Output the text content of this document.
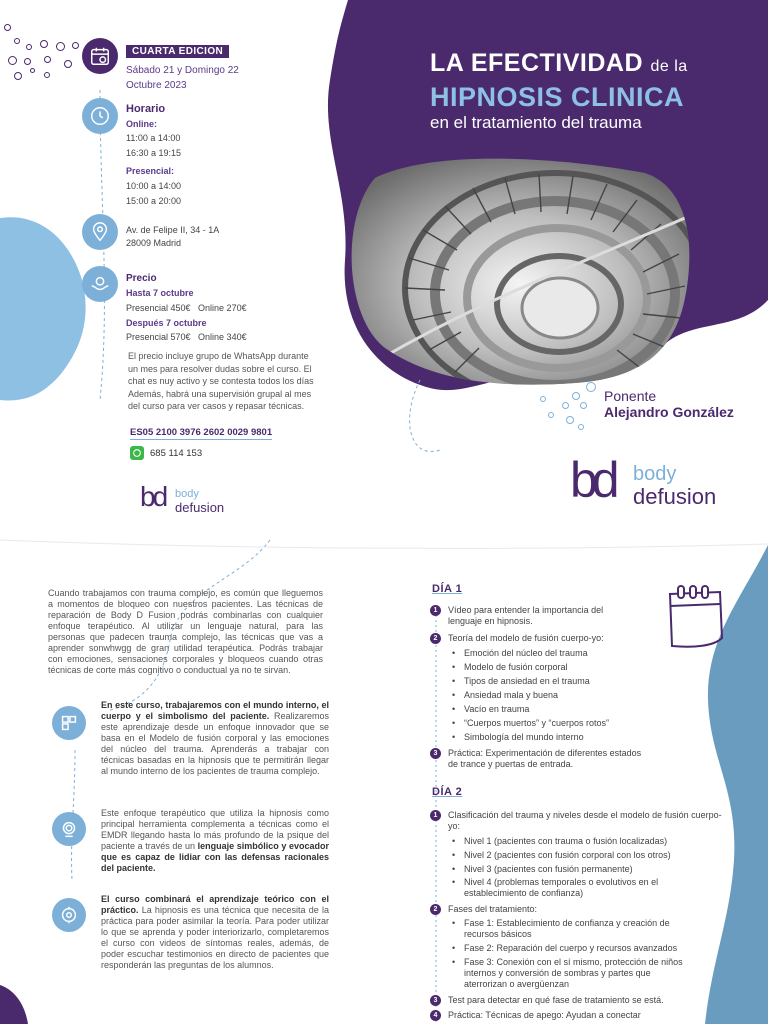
LA EFECTIVIDAD de la
HIPNOSIS CLINICA
en el tratamiento del trauma
Ponente
Alejandro González
bd body
defusion
CUARTA EDICION
Sábado 21 y Domingo 22
Octubre 2023
Horario
Online:
11:00 a 14:00
16:30 a 19:15
Presencial:
10:00 a 14:00
15:00 a 20:00
Av. de Felipe II, 34 - 1A
28009 Madrid
Precio
Hasta 7 octubre
Presencial 450€   Online 270€
Después 7 octubre
Presencial 570€   Online 340€
El precio incluye grupo de WhatsApp durante
un mes para resolver dudas sobre el curso. El
chat es nuy activo y se contesta todos los días
Además, habrá una supervisión grupal al mes
del curso para ver casos y repasar técnicas.
ES05 2100 3976 2602 0029 9801
685 114 153
bd body
defusion
Cuando trabajamos con trauma complejo, es común que lleguemos a momentos de bloqueo con nuestros pacientes. Las técnicas de reparación de Body D Fusion podrás combinarlas con cualquier enfoque terapéutico. Al utilizar un lenguaje natural, para las personas que padecen trauma complejo, las técnicas que vas a aprender sonwhwgg de gran utilidad terapéutica. Podrás trabajar con emociones, sensaciones corporales y bloqueos cuando otras técnicas de corte más cognitivo o conductual ya no te sirvan.
En este curso, trabajaremos con el mundo interno, el cuerpo y el simbolismo del paciente. Realizaremos este aprendizaje desde un enfoque innovador que se basa en el Modelo de fusión corporal y las emociones del núcleo del trauma. Aprenderás a trabajar con técnicas basadas en la hipnosis que te permitirán llegar al mundo interno de los pacientes de trauma complejo.
Este enfoque terapéutico que utiliza la hipnosis como principal herramienta complementa a técnicas como el EMDR llegando hasta lo más profundo de la psique del paciente a través de un lenguaje simbólico y evocador que es capaz de lidiar con las defensas racionales del paciente.
El curso combinará el aprendizaje teórico con el práctico. La hipnosis es una técnica que necesita de la práctica para poder asimilar la teoría. Para poder utilizar lo que se aprenda y poder interiorizarlo, completaremos el curso con videos de síntomas reales, además, de poder escuchar testimonios en directo de pacientes que responderán las preguntas de los alumnos.
DÍA 1
1	Vídeo para entender la importancia del lenguaje en hipnosis.
2	Teoría del modelo de fusión cuerpo-yo:
• Emoción del núcleo del trauma
• Modelo de fusión corporal
• Tipos de ansiedad en el trauma
• Ansiedad mala y buena
• Vacío en trauma
• “Cuerpos muertos” y “cuerpos rotos”
• Simbología del mundo interno
3	Práctica: Experimentación de diferentes estados de trance y puertas de entrada.
DÍA 2
1	Clasificación del trauma y niveles desde el modelo de fusión cuerpo-yo:
• Nivel 1 (pacientes con trauma o fusión localizadas)
• Nivel 2 (pacientes con fusión corporal con los otros)
• Nivel 3 (pacientes con fusión permanente)
• Nivel 4 (problemas temporales o evolutivos en el establecimiento de confianza)
2	Fases del tratamiento:
• Fase 1: Establecimiento de confianza y creación de recursos básicos
• Fase 2: Reparación del cuerpo y recursos avanzados
• Fase 3: Conexión con el sí mismo, protección de niños internos y conversión de sombras y partes que aterrorizan o avergüenzan
3	Test para detectar en qué fase de tratamiento se está.
4	Práctica: Técnicas de apego: Ayudan a conectar
